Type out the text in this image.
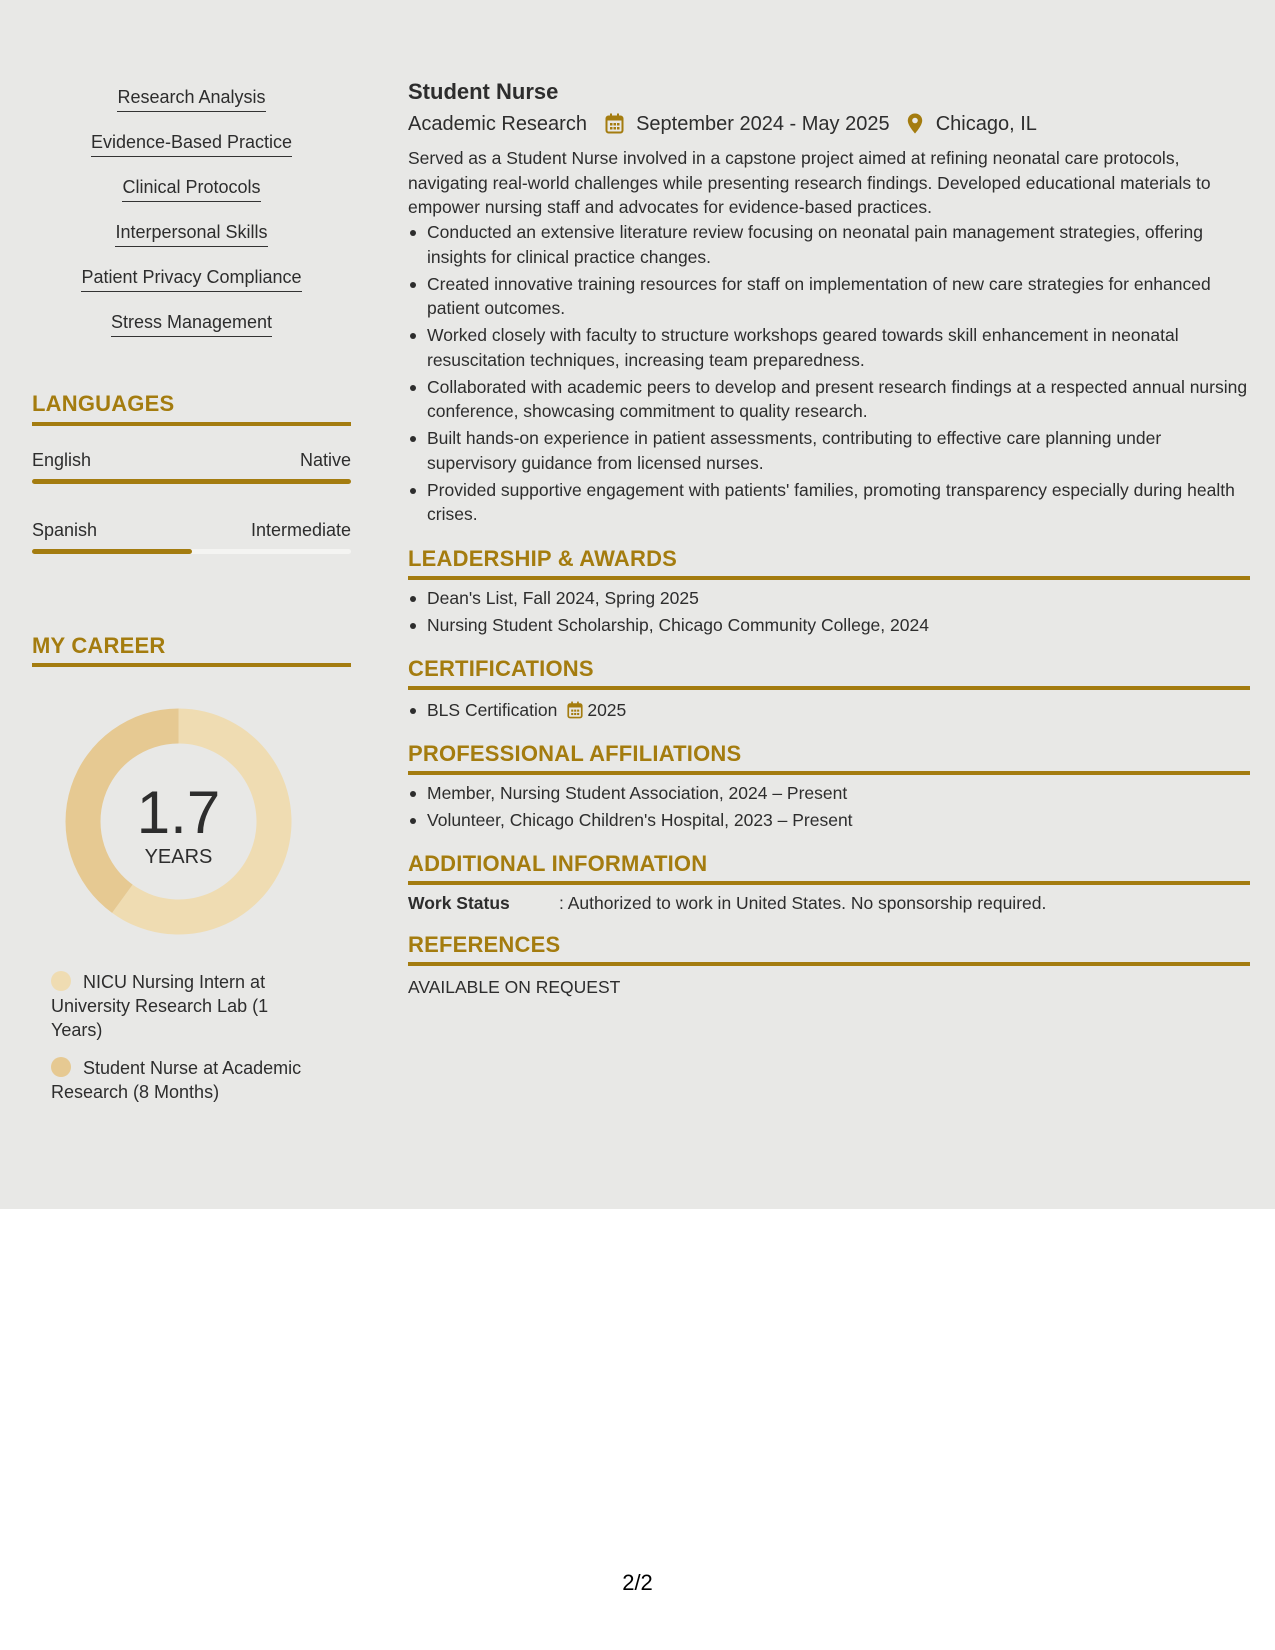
Research Analysis
Evidence-Based Practice
Clinical Protocols
Interpersonal Skills
Patient Privacy Compliance
Stress Management
LANGUAGES
English	Native
Spanish	Intermediate
MY CAREER
1.7
YEARS
NICU Nursing Intern at University Research Lab (1 Years)
Student Nurse at Academic Research (8 Months)
Student Nurse
Academic Research September 2024 - May 2025 Chicago, IL

Served as a Student Nurse involved in a capstone project aimed at refining neonatal care protocols, navigating real-world challenges while presenting research findings. Developed educational materials to empower nursing staff and advocates for evidence-based practices.

Conducted an extensive literature review focusing on neonatal pain management strategies, offering insights for clinical practice changes.
Created innovative training resources for staff on implementation of new care strategies for enhanced patient outcomes.
Worked closely with faculty to structure workshops geared towards skill enhancement in neonatal resuscitation techniques, increasing team preparedness.
Collaborated with academic peers to develop and present research findings at a respected annual nursing conference, showcasing commitment to quality research.
Built hands-on experience in patient assessments, contributing to effective care planning under supervisory guidance from licensed nurses.
Provided supportive engagement with patients' families, promoting transparency especially during health crises.
LEADERSHIP & AWARDS
Dean's List, Fall 2024, Spring 2025
Nursing Student Scholarship, Chicago Community College, 2024
CERTIFICATIONS
BLS Certification 2025
PROFESSIONAL AFFILIATIONS
Member, Nursing Student Association, 2024 – Present
Volunteer, Chicago Children's Hospital, 2023 – Present
ADDITIONAL INFORMATION
Work Status	: Authorized to work in United States. No sponsorship required.
REFERENCES
AVAILABLE ON REQUEST
2/2
